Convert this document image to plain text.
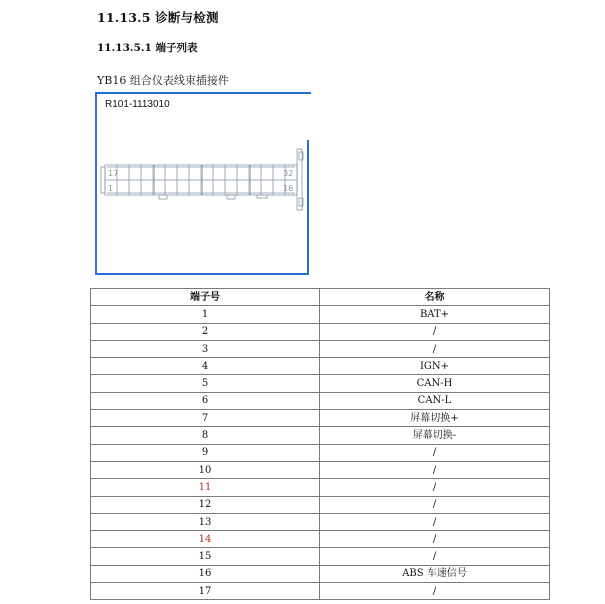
11.13.5 诊断与检测
11.13.5.1 端子列表
YB16 组合仪表线束插接件
R101-1113010
17	32
1	16
端子号	名称
1	BAT+
2	/
3	/
4	IGN+
5	CAN-H
6	CAN-L
7	屏幕切换+
8	屏幕切换-
9	/
10	/
11	/
12	/
13	/
14	/
15	/
16	ABS 车速信号
17	/
